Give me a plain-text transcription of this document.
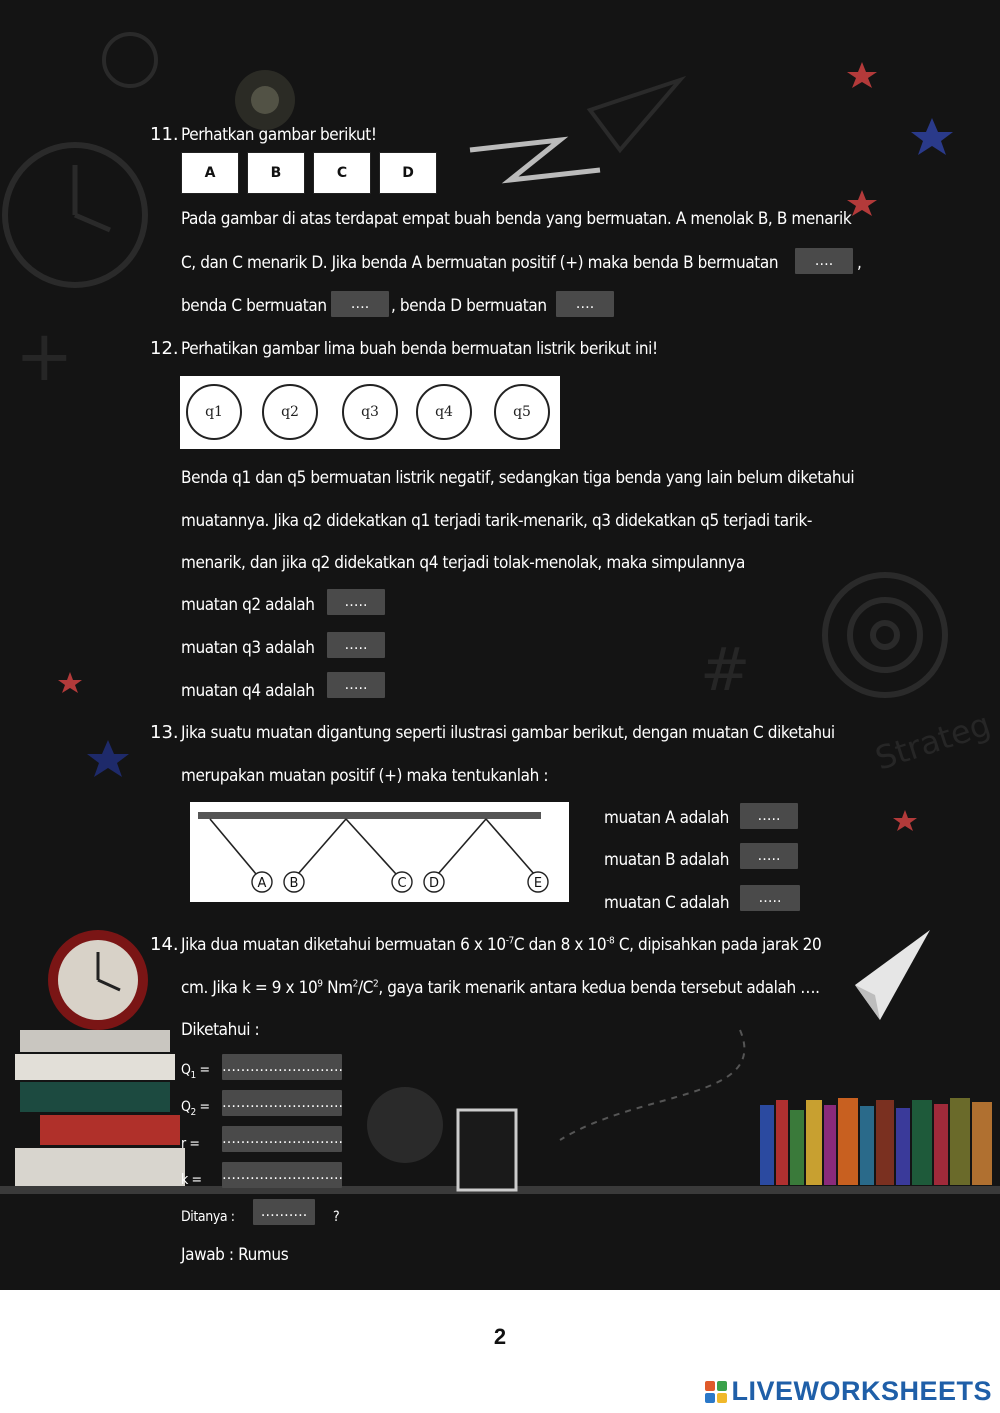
#
+
Strateg
11. Perhatkan gambar berikut!
A	B	C	D
Pada gambar di atas terdapat empat buah benda yang bermuatan. A menolak B, B menarik
C, dan C menarik D. Jika benda A bermuatan positif (+) maka benda B bermuatan	….	,
benda C bermuatan	….	, benda D bermuatan	….
12. Perhatikan gambar lima buah benda bermuatan listrik berikut ini!
q1	q2	q3	q4	q5
Benda q1 dan q5 bermuatan listrik negatif, sedangkan tiga benda yang lain belum diketahui
muatannya. Jika q2 didekatkan q1 terjadi tarik-menarik, q3 didekatkan q5 terjadi tarik-
menarik, dan jika q2 didekatkan q4 terjadi tolak-menolak, maka simpulannya
muatan q2 adalah	…..
muatan q3 adalah	…..
muatan q4 adalah	…..
13. Jika suatu muatan digantung seperti ilustrasi gambar berikut, dengan muatan C diketahui
merupakan muatan positif (+) maka tentukanlah :
A B	C D	E
muatan A adalah	…..
muatan B adalah	…..
muatan C adalah	…..
14. Jika dua muatan diketahui bermuatan 6 x $10^{-7}C$ dan 8 x $10^{-8}$ C, dipisahkan pada jarak 20
cm. Jika k = 9 x $10^9$ $Nm^2/C^2$, gaya tarik menarik antara kedua benda tersebut adalah ….
Diketahui :
$Q_1$ = ……………………..
$Q_2$ = ……………………..
r = ……………………..
k = ……………………..
Ditanya :	……….	?
Jawab : Rumus
2
LIVEWORKSHEETS
